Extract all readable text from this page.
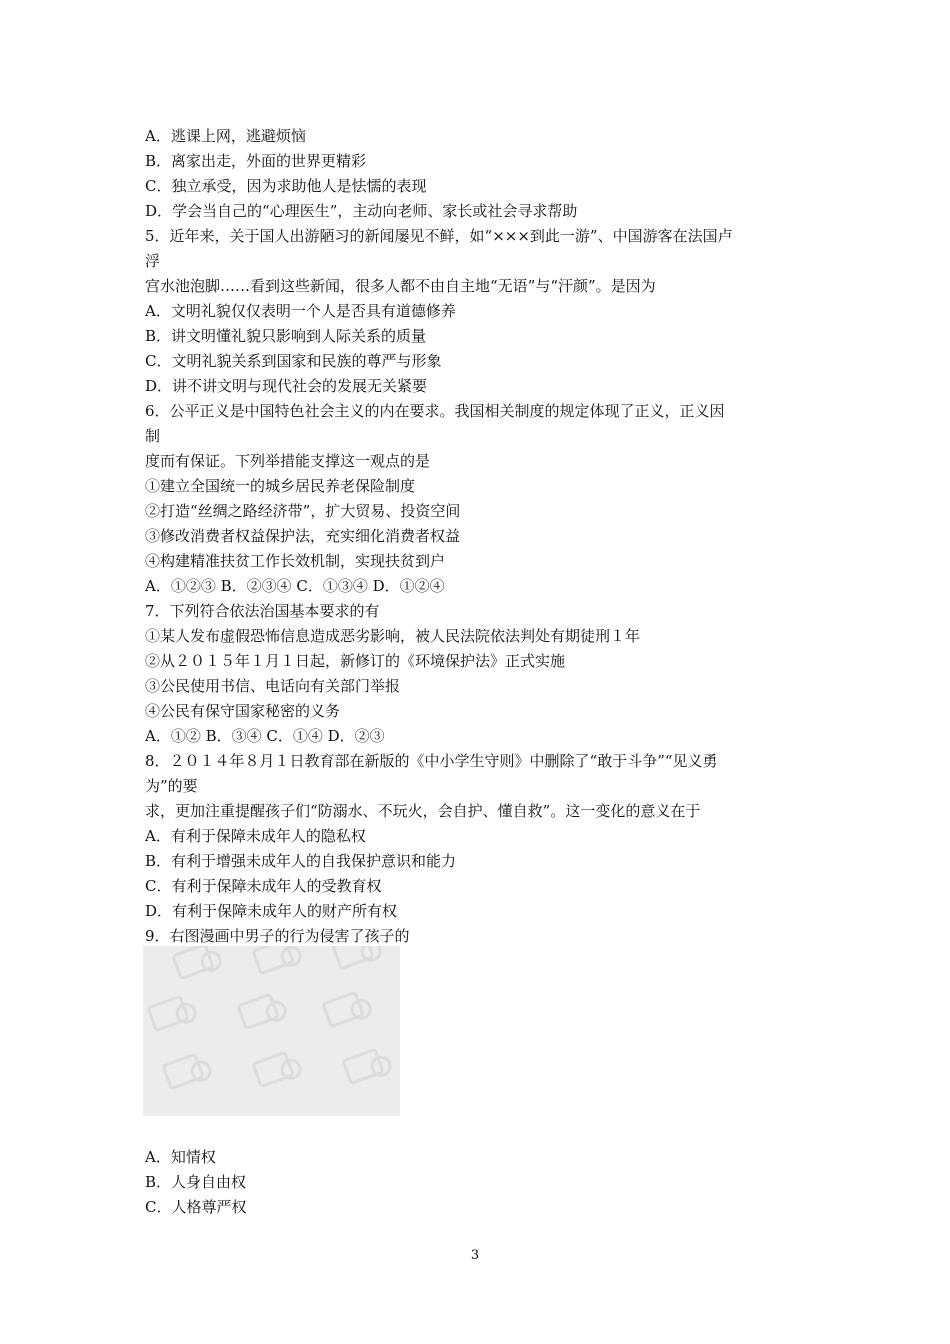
A．逃课上网，逃避烦恼
B．离家出走，外面的世界更精彩
C．独立承受，因为求助他人是怯懦的表现
D．学会当自己的“心理医生”，主动向老师、家长或社会寻求帮助
5．近年来，关于国人出游陋习的新闻屡见不鲜，如“×××到此一游”、中国游客在法国卢
浮
宫水池泡脚……看到这些新闻，很多人都不由自主地“无语”与“汗颜”。是因为
A．文明礼貌仅仅表明一个人是否具有道德修养
B．讲文明懂礼貌只影响到人际关系的质量
C．文明礼貌关系到国家和民族的尊严与形象
D．讲不讲文明与现代社会的发展无关紧要
6．公平正义是中国特色社会主义的内在要求。我国相关制度的规定体现了正义，正义因
制
度而有保证。下列举措能支撑这一观点的是
①建立全国统一的城乡居民养老保险制度
②打造“丝绸之路经济带”，扩大贸易、投资空间
③修改消费者权益保护法，充实细化消费者权益
④构建精准扶贫工作长效机制，实现扶贫到户
A．①②③ B．②③④ C．①③④ D．①②④
7．下列符合依法治国基本要求的有
①某人发布虚假恐怖信息造成恶劣影响，被人民法院依法判处有期徒刑１年
②从２０１５年１月１日起，新修订的《环境保护法》正式实施
③公民使用书信、电话向有关部门举报
④公民有保守国家秘密的义务
A．①② B．③④ C．①④ D．②③
8．２０１４年８月１日教育部在新版的《中小学生守则》中删除了“敢于斗争”“见义勇
为”的要
求，更加注重提醒孩子们“防溺水、不玩火，会自护、懂自救”。这一变化的意义在于
A．有利于保障未成年人的隐私权
B．有利于增强未成年人的自我保护意识和能力
C．有利于保障未成年人的受教育权
D．有利于保障未成年人的财产所有权
9．右图漫画中男子的行为侵害了孩子的
A．知情权
B．人身自由权
C．人格尊严权
3
